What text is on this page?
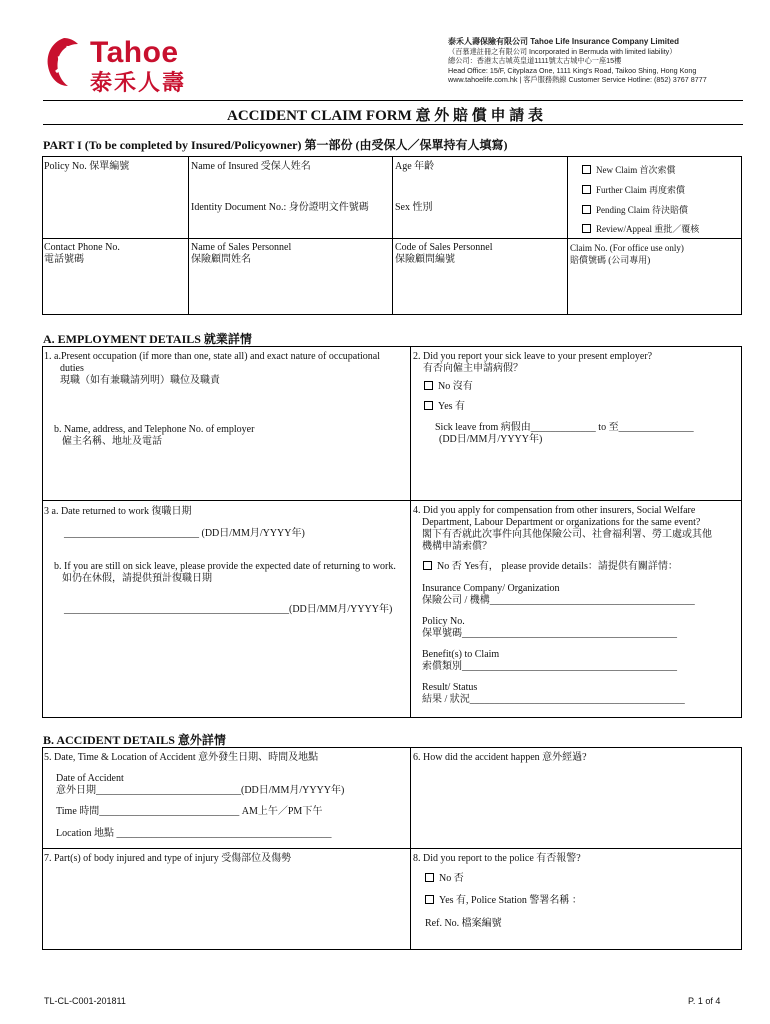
Tahoe
泰禾人壽
泰禾人壽保險有限公司 Tahoe Life Insurance Company Limited
（百慕達註冊之有限公司 Incorporated in Bermuda with limited liability）
總公司：香港太古城英皇道1111號太古城中心一座15樓
Head Office: 15/F, Cityplaza One, 1111 King's Road, Taikoo Shing, Hong Kong
www.tahoelife.com.hk | 客戶服務熱線 Customer Service Hotline: (852) 3767 8777
ACCIDENT CLAIM FORM 意 外 賠 償 申 請 表
PART I (To be completed by Insured/Policyowner) 第一部份 (由受保人／保單持有人填寫)
Policy No. 保單編號	Name of Insured 受保人姓名	Age 年齡
Identity Document No.: 身份證明文件號碼	Sex 性別
New Claim 首次索償
Further Claim 再度索償
Pending Claim 待決賠償
Review/Appeal 重批／覆核
Contact Phone No.
電話號碼
Name of Sales Personnel
保險顧問姓名
Code of Sales Personnel
保險顧問編號
Claim No. (For office use only)
賠償號碼 (公司專用)
A. EMPLOYMENT DETAILS 就業詳情
1. a.Present occupation (if more than one, state all) and exact nature of occupational
duties
現職（如有兼職請列明）職位及職責
b. Name, address, and Telephone No. of employer
僱主名稱、地址及電話
2. Did you report your sick leave to your present employer?
有否向僱主申請病假？
No 沒有
Yes 有
Sick leave from 病假由_____________ to 至_______________
(DD日/MM月/YYYY年)
3 a. Date returned to work 復職日期
___________________________ (DD日/MM月/YYYY年)
b. If you are still on sick leave, please provide the expected date of returning to work.
如仍在休假，請提供預計復職日期
_____________________________________________(DD日/MM月/YYYY年)
4. Did you apply for compensation from other insurers, Social Welfare
Department, Labour Department or organizations for the same event?
閣下有否就此次事件向其他保險公司、社會福利署、勞工處或其他
機構申請索償？
No 否 Yes有， please provide details：請提供有關詳情：
Insurance Company/ Organization
保險公司 / 機構_________________________________________
Policy No.
保單號碼___________________________________________
Benefit(s) to Claim
索償類別___________________________________________
Result/ Status
結果 / 狀況___________________________________________
B. ACCIDENT DETAILS 意外詳情
5. Date, Time & Location of Accident 意外發生日期、時間及地點
Date of Accident
意外日期_____________________________(DD日/MM月/YYYY年)
Time 時間____________________________ AM上午／PM下午
Location 地點 ___________________________________________
6. How did the accident happen 意外經過?
7. Part(s) of body injured and type of injury 受傷部位及傷勢	8. Did you report to the police 有否報警?
No 否
Yes 有, Police Station 警署名稱 ：
Ref. No. 檔案編號
TL-CL-C001-201811	P. 1 of 4
